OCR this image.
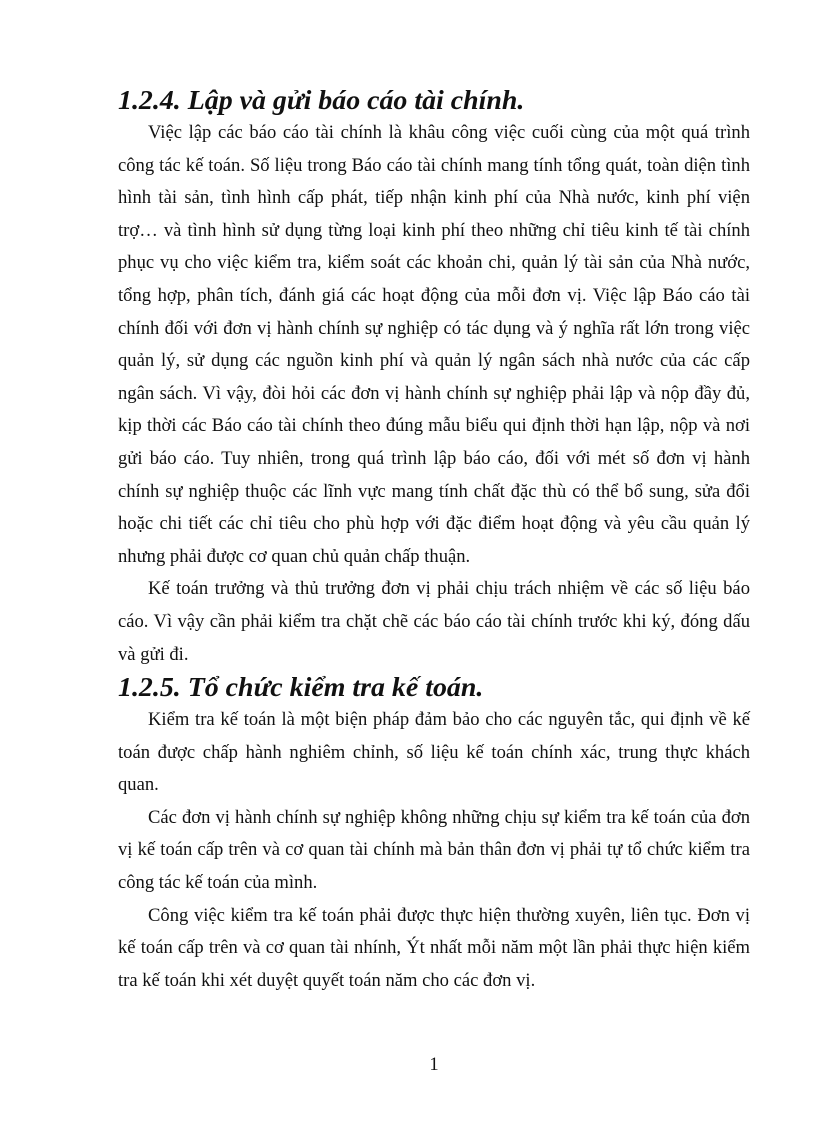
1.2.4. Lập và gửi báo cáo tài chính.

Việc lập các báo cáo tài chính là khâu công việc cuối cùng của một quá trình công tác kế toán. Số liệu trong Báo cáo tài chính mang tính tổng quát, toàn diện tình hình tài sản, tình hình cấp phát, tiếp nhận kinh phí của Nhà nước, kinh phí viện trợ… và tình hình sử dụng từng loại kinh phí theo những chỉ tiêu kinh tế tài chính phục vụ cho việc kiểm tra, kiểm soát các khoản chi, quản lý tài sản của Nhà nước, tổng hợp, phân tích, đánh giá các hoạt động của mỗi đơn vị. Việc lập Báo cáo tài chính đối với đơn vị hành chính sự nghiệp có tác dụng và ý nghĩa rất lớn trong việc quản lý, sử dụng các nguồn kinh phí và quản lý ngân sách nhà nước của các cấp ngân sách. Vì vậy, đòi hỏi các đơn vị hành chính sự nghiệp phải lập và nộp đầy đủ, kịp thời các Báo cáo tài chính theo đúng mẫu biểu qui định thời hạn lập, nộp và nơi gửi báo cáo. Tuy nhiên, trong quá trình lập báo cáo, đối với mét số đơn vị hành chính sự nghiệp thuộc các lĩnh vực mang tính chất đặc thù có thể bổ sung, sửa đổi hoặc chi tiết các chỉ tiêu cho phù hợp với đặc điểm hoạt động và yêu cầu quản lý nhưng phải được cơ quan chủ quản chấp thuận.

Kế toán trưởng và thủ trưởng đơn vị phải chịu trách nhiệm về các số liệu báo cáo. Vì vậy cần phải kiểm tra chặt chẽ các báo cáo tài chính trước khi ký, đóng dấu và gửi đi.

1.2.5. Tổ chức kiểm tra kế toán.

Kiểm tra kế toán là một biện pháp đảm bảo cho các nguyên tắc, qui định về kế toán được chấp hành nghiêm chỉnh, số liệu kế toán chính xác, trung thực khách quan.

Các đơn vị hành chính sự nghiệp không những chịu sự kiểm tra kế toán của đơn vị kế toán cấp trên và cơ quan tài chính mà bản thân đơn vị phải tự tổ chức kiểm tra công tác kế toán của mình.

Công việc kiểm tra kế toán phải được thực hiện thường xuyên, liên tục. Đơn vị kế toán cấp trên và cơ quan tài nhính, Ýt nhất mỗi năm một lần phải thực hiện kiểm tra kế toán khi xét duyệt quyết toán năm cho các đơn vị.

1
